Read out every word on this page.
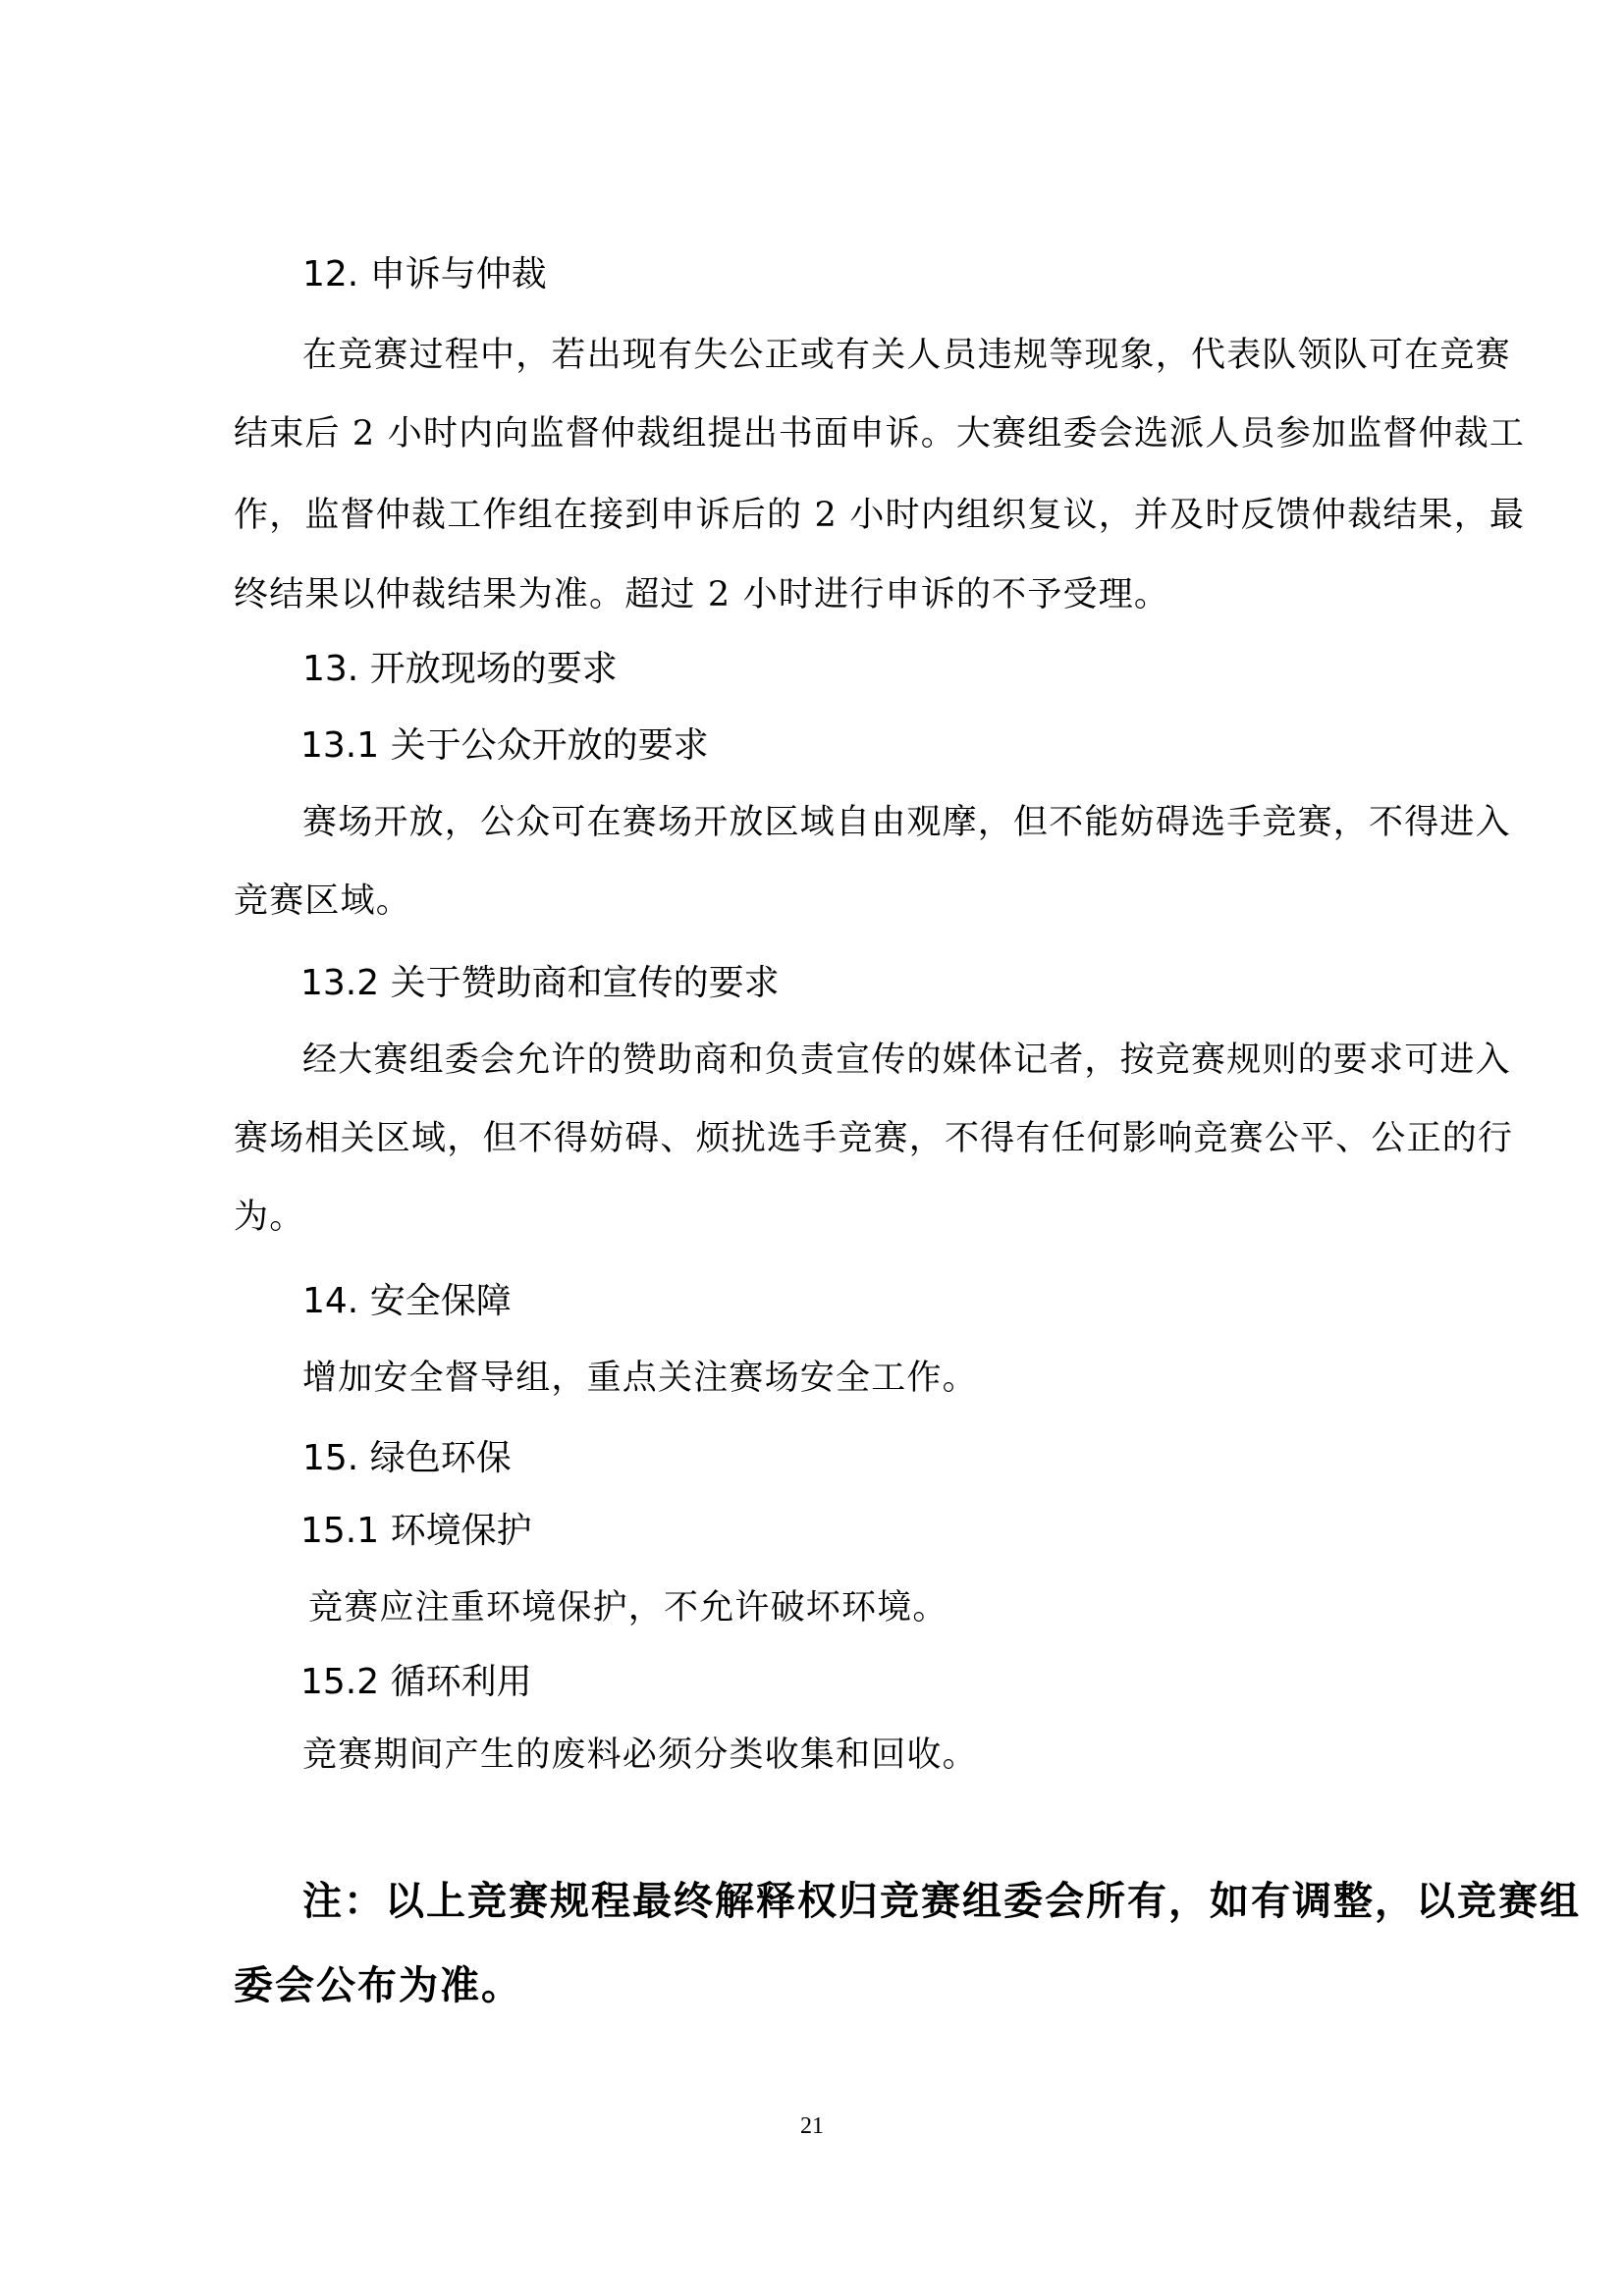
12. 申诉与仲裁

在竞赛过程中，若出现有失公正或有关人员违规等现象，代表队领队可在竞赛

结束后 2 小时内向监督仲裁组提出书面申诉。大赛组委会选派人员参加监督仲裁工

作，监督仲裁工作组在接到申诉后的 2 小时内组织复议，并及时反馈仲裁结果，最

终结果以仲裁结果为准。超过 2 小时进行申诉的不予受理。

13. 开放现场的要求
13.1 关于公众开放的要求

赛场开放，公众可在赛场开放区域自由观摩，但不能妨碍选手竞赛，不得进入

竞赛区域。

13.2 关于赞助商和宣传的要求

经大赛组委会允许的赞助商和负责宣传的媒体记者，按竞赛规则的要求可进入

赛场相关区域，但不得妨碍、烦扰选手竞赛，不得有任何影响竞赛公平、公正的行

为。

14. 安全保障

增加安全督导组，重点关注赛场安全工作。

15. 绿色环保
15.1 环境保护

竞赛应注重环境保护，不允许破坏环境。

15.2 循环利用

竞赛期间产生的废料必须分类收集和回收。

注：以上竞赛规程最终解释权归竞赛组委会所有，如有调整，以竞赛组

委会公布为准。

21
